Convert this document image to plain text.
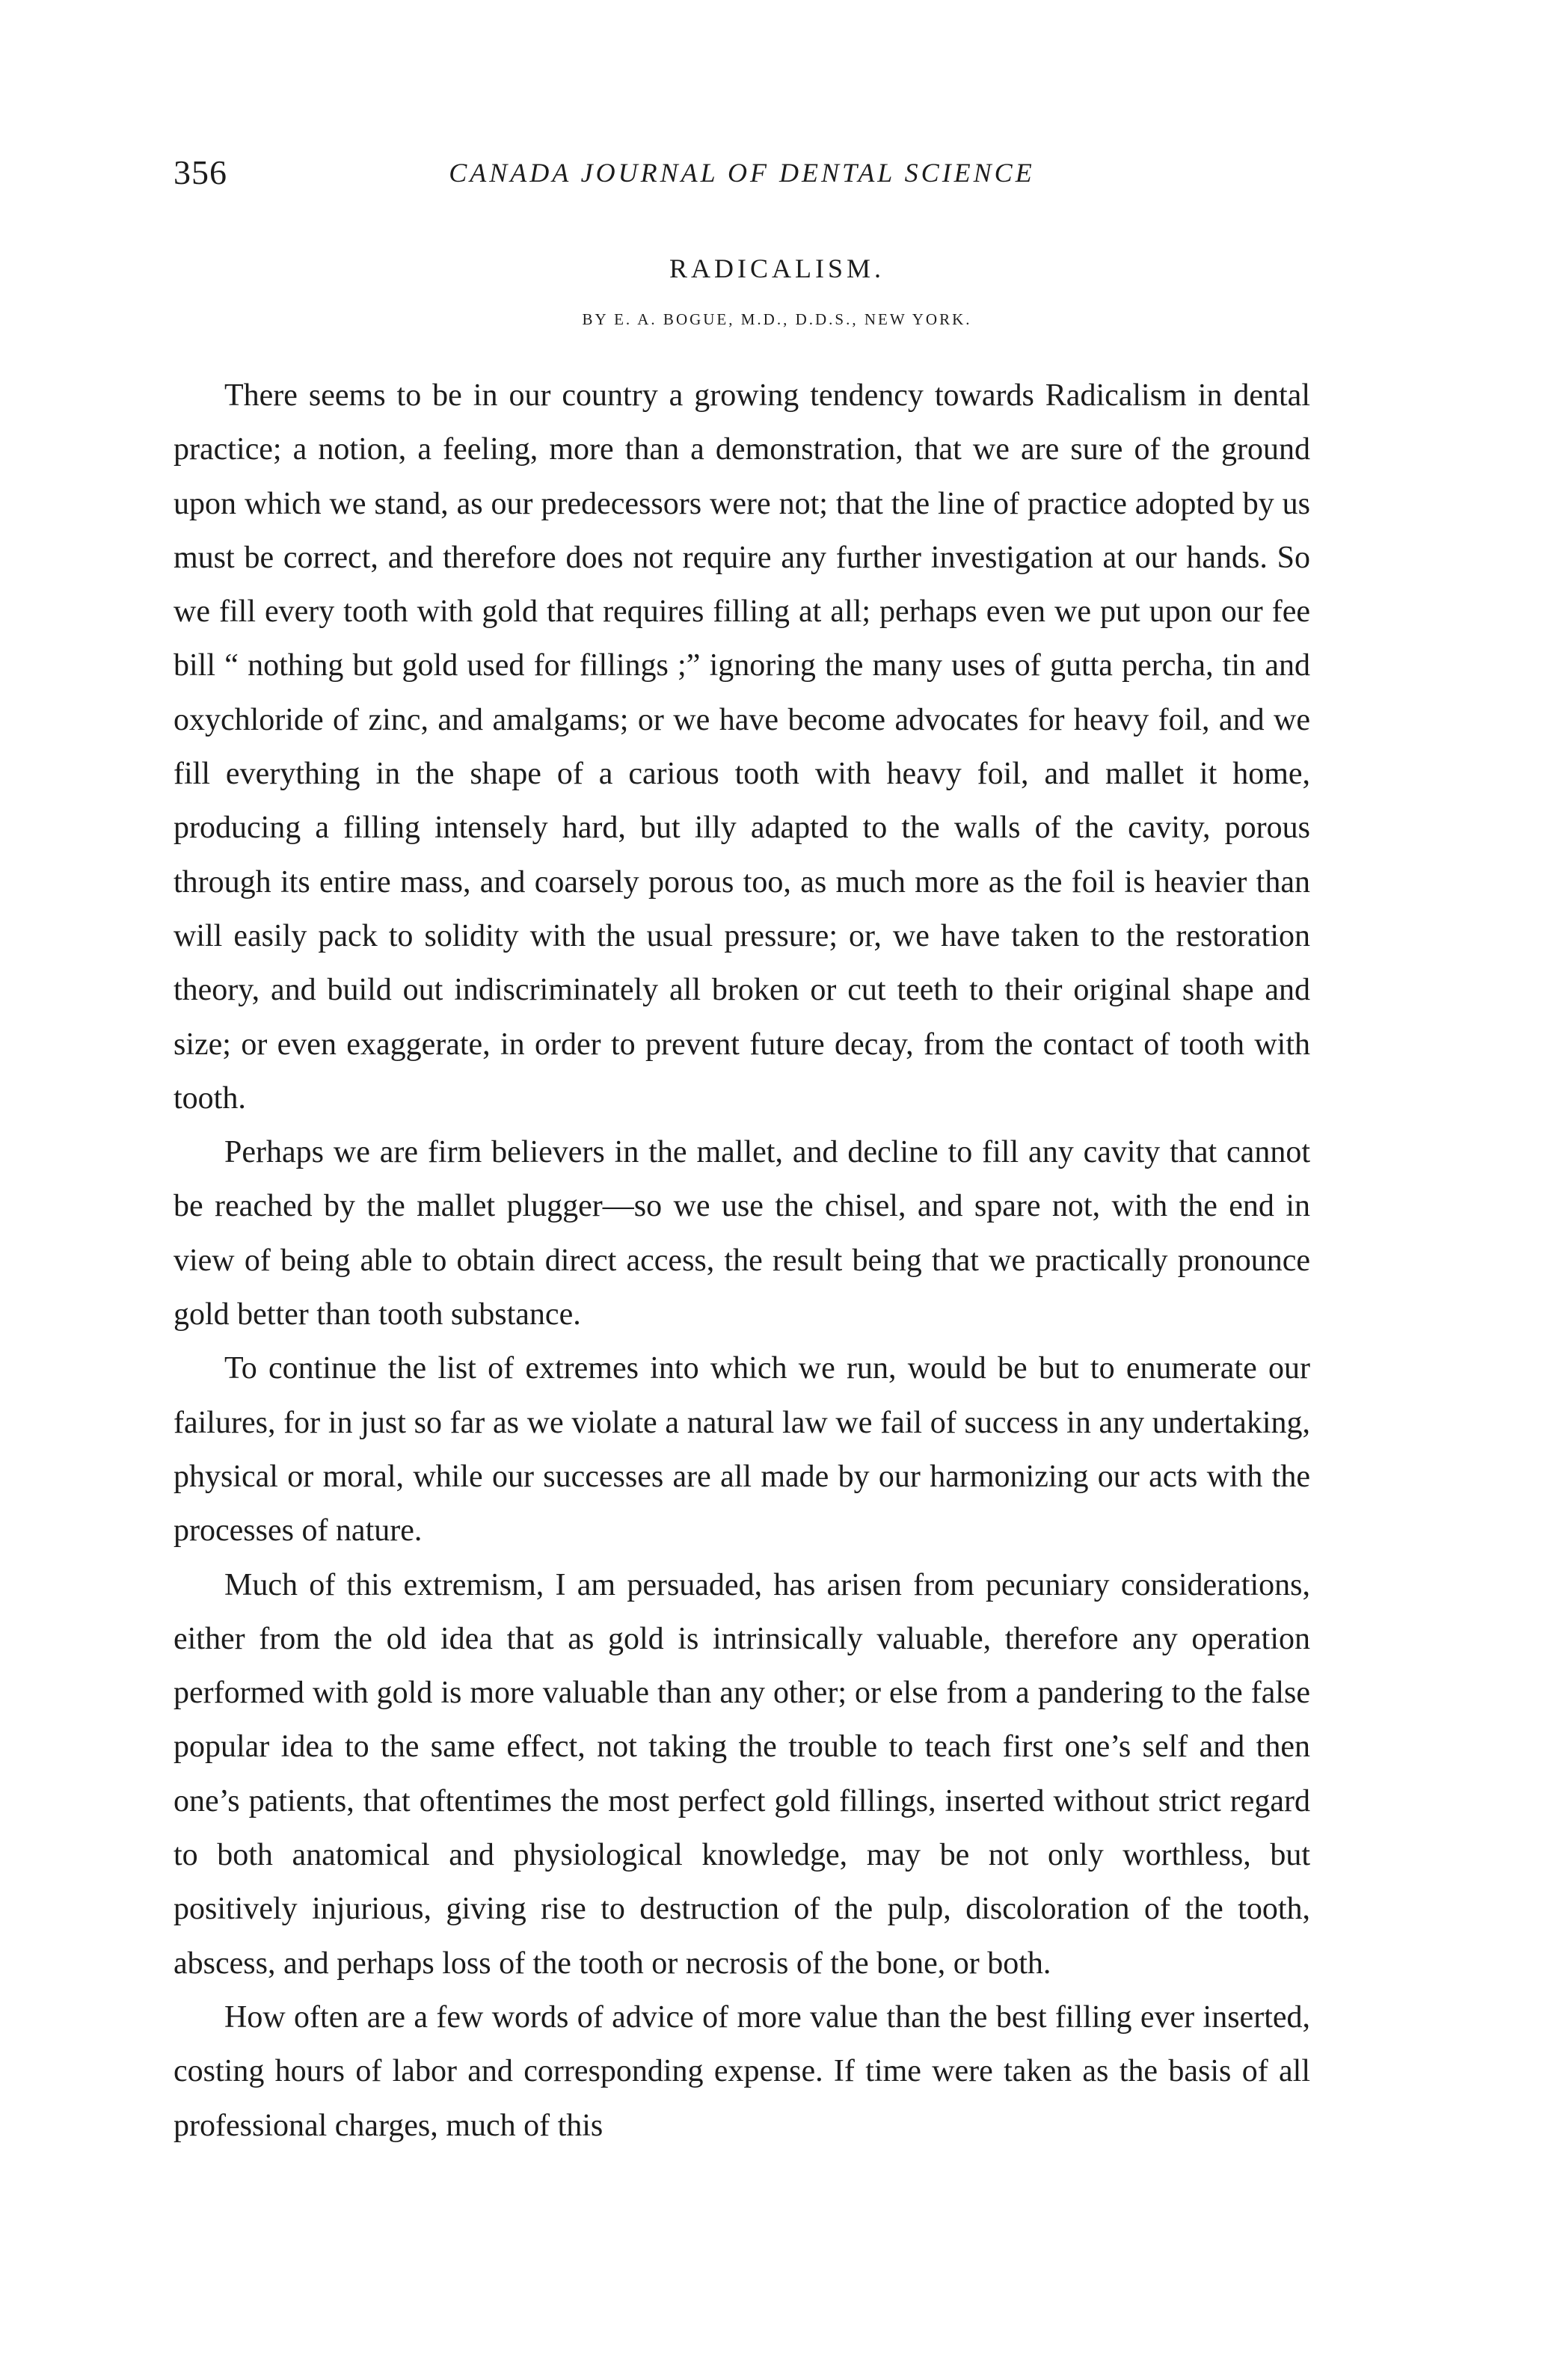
356	CANADA JOURNAL OF DENTAL SCIENCE
RADICALISM.
BY E. A. BOGUE, M.D., D.D.S., NEW YORK.

There seems to be in our country a growing tendency towards Radicalism in dental practice; a notion, a feeling, more than a demonstration, that we are sure of the ground upon which we stand, as our predecessors were not; that the line of practice adopted by us must be correct, and therefore does not require any further investigation at our hands. So we fill every tooth with gold that requires filling at all; perhaps even we put upon our fee bill “ nothing but gold used for fillings ;” ignoring the many uses of gutta percha, tin and oxychloride of zinc, and amalgams; or we have become advocates for heavy foil, and we fill everything in the shape of a carious tooth with heavy foil, and mallet it home, producing a filling intensely hard, but illy adapted to the walls of the cavity, porous through its entire mass, and coarsely porous too, as much more as the foil is heavier than will easily pack to solidity with the usual pressure; or, we have taken to the restoration theory, and build out indiscriminately all broken or cut teeth to their original shape and size; or even exaggerate, in order to prevent future decay, from the contact of tooth with tooth.

Perhaps we are firm believers in the mallet, and decline to fill any cavity that cannot be reached by the mallet plugger—so we use the chisel, and spare not, with the end in view of being able to obtain direct access, the result being that we practically pronounce gold better than tooth substance.

To continue the list of extremes into which we run, would be but to enumerate our failures, for in just so far as we violate a natural law we fail of success in any undertaking, physical or moral, while our successes are all made by our harmonizing our acts with the processes of nature.

Much of this extremism, I am persuaded, has arisen from pecuniary considerations, either from the old idea that as gold is intrinsically valuable, therefore any operation performed with gold is more valuable than any other; or else from a pandering to the false popular idea to the same effect, not taking the trouble to teach first one’s self and then one’s patients, that oftentimes the most perfect gold fillings, inserted without strict regard to both anatomical and physiological knowledge, may be not only worthless, but positively injurious, giving rise to destruction of the pulp, discoloration of the tooth, abscess, and perhaps loss of the tooth or necrosis of the bone, or both.

How often are a few words of advice of more value than the best filling ever inserted, costing hours of labor and corresponding expense. If time were taken as the basis of all professional charges, much of this
